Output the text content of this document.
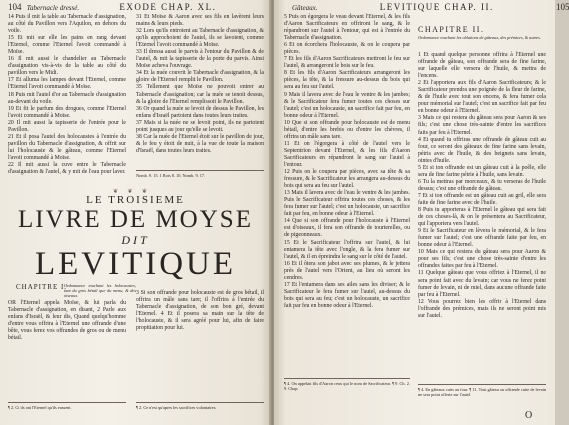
104 Tabernacle dressé.	EXODE CHAP. XL.

14 Puis il mit la table au Tabernacle d'assignation, au côté du Pavillon vers l'Aquilon, en dehors du voile.

15 Et mit sur elle les pains en rang devant l'Eternel, comme l'Eternel l'avoit commandé à Moïse.

16 Il mit aussi le chandelier au Tabernacle d'assignation vis-à-vis de la table au côté du pavillon vers le Midi.

17 Et alluma les lampes devant l'Eternel, comme l'Eternel l'avoit commandé à Moïse.

18 Puis mit l'autel d'or au Tabernacle d'assignation au-devant du voile.

19 Et fit le parfum des drogues, comme l'Eternel l'avoit commandé à Moïse.

20 Il mit aussi la tapisserie de l'entrée pour le Pavillon.

21 Et il posa l'autel des holocaustes à l'entrée du pavillon du Tabernacle d'assignation, & offrit sur lui l'holocauste & le gâteau, comme l'Eternel l'avoit commandé à Moïse.

22 Il mit aussi la cuve entre le Tabernacle d'assignation & l'autel, & y mit de l'eau pour laver.

31 Et Moïse & Aaron avec ses fils en lavèrent leurs mains & leurs pieds.

32 Lors qu'ils entroient au Tabernacle d'assignation, & qu'ils approchoient de l'autel, ils se lavoient, comme l'Eternel l'avoit commandé à Moïse.

33 Il dressa aussi le parvis à l'entour du Pavillon & de l'autel, & mit la tapisserie de la porte du parvis. Ainsi Moïse acheva l'ouvrage.

34 Et la nuée couvrit le Tabernacle d'assignation, & la gloire de l'Eternel remplit le Pavillon.

35 Tellement que Moïse ne pouvoit entrer au Tabernacle d'assignation; car la nuée se tenoit dessus, & la gloire de l'Eternel remplissoit le Pavillon.

36 Or quand la nuée se levoit de dessus le Pavillon, les enfans d'Israël partoient dans toutes leurs traites.

37 Mais si la nuée ne se levoit point, ils ne partoient point jusques au jour qu'elle se levoit.

38 Car la nuée de l'Eternel étoit sur le pavillon de jour, & le feu y étoit de nuit, à la vue de toute la maison d'Israël, dans toutes leurs traites.

Nomb. 9. 15. 1 Rois 8. 10. Nomb. 9. 17.
❦ ❦ ❦
LE TROISIEME
LIVRE DE MOYSE
DIT
LEVITIQUE
CHAPITRE I.
Ordonnance touchant les holocaustes, tant du gros bétail que du menu, & des oiseaux.

OR l'Eternel appela Moïse, & lui parla du Tabernacle d'assignation, en disant, 2 Parle aux enfans d'Israël, & leur dis, Quand quelqu'homme d'entre vous offrira à l'Eternel une offrande d'une bête, vous ferez vos offrandes de gros ou de menu bétail.

3 Si son offrande pour holocauste est de gros bétail, il offrira un mâle sans tare; il l'offrira à l'entrée du Tabernacle d'assignation, de son bon gré, devant l'Eternel. 4 Et il posera sa main sur la tête de l'holocauste, & il sera agréé pour lui, afin de faire propitiation pour lui.

¶ 2. Ci ils ont l'Eternel qu'ils eussent.	¶ 2. Ce n'est qu'apres les sacrifices volontaires.
Gâteaux.	LEVITIQUE CHAP. II.	105

5 Puis on égorgera le veau devant l'Eternel, & les fils d'Aaron Sacrificateurs en offriront le sang, & le répandront sur l'autel à l'entour, qui est à l'entrée du Tabernacle d'assignation.

6 Et on écorchera l'holocauste, & on le coupera par pièces.

7 Et les fils d'Aaron Sacrificateurs mettront le feu sur l'autel, & arrangeront le bois sur le feu.

8 Et les fils d'Aaron Sacrificateurs arrangeront les pièces, la tête, & la fressure au-dessus du bois qui sera au feu sur l'autel.

9 Mais il lavera avec de l'eau le ventre & les jambes; & le Sacrificateur fera fumer toutes ces choses sur l'autel; c'est un holocauste, un sacrifice fait par feu, en bonne odeur à l'Eternel.

10 Que si son offrande pour holocauste est de menu bétail, d'entre les brebis ou d'entre les chèvres, il offrira un mâle sans tare.

11 Et on l'égorgera à côté de l'autel vers le Septentrion devant l'Eternel, & les fils d'Aaron Sacrificateurs en répandront le sang sur l'autel à l'entour.

12 Puis on le coupera par pièces, avec sa tête & sa fressure, & le Sacrificateur les arrangera au-dessus du bois qui sera au feu sur l'autel.

13 Mais il lavera avec de l'eau le ventre & les jambes. Puis le Sacrificateur offrira toutes ces choses, & les fera fumer sur l'autel; c'est un holocauste, un sacrifice fait par feu, en bonne odeur à l'Eternel.

14 Que si son offrande pour l'holocauste à l'Eternel est d'oiseaux, il fera son offrande de tourterelles, ou de pigeonneaux.

15 Et le Sacrificateur l'offrira sur l'autel, & lui entamera la tête avec l'ongle, & la fera fumer sur l'autel, & il en épreindra le sang sur le côté de l'autel.

16 Et il ôtera son jabot avec ses plumes, & le jettera près de l'autel vers l'Orient, au lieu où seront les cendres.

17 Et l'entamera dans ses ailes sans les diviser; & le Sacrificateur le fera fumer sur l'autel, au-dessus du bois qui sera au feu; c'est un holocauste, un sacrifice fait par feu en bonne odeur à l'Eternel.

¶ 4. On appelait fils d'Aaron ceux qui le nom de Sacrificateur. ¶ 9. Ch. 2. 9. Chap.
CHAPITRE II.
Ordonnance touchant les oblations de gâteaux, des prémices, & autres.

1 Et quand quelque personne offrira à l'Eternel une offrande de gâteau, son offrande sera de fine farine, sur laquelle elle versera de l'huile, & mettra de l'encens.

2 Et l'apportera aux fils d'Aaron Sacrificateurs; & le Sacrificateur prendra une poignée de la fleur de farine, & de l'huile avec tout son encens, & fera fumer cela pour mémorial sur l'autel; c'est un sacrifice fait par feu en bonne odeur à l'Eternel.

3 Mais ce qui restera du gâteau sera pour Aaron & ses fils; c'est une chose très-sainte d'entre les sacrifices faits par feu à l'Eternel.

4 Et quand tu offriras une offrande de gâteau cuit au four, ce seront des gâteaux de fine farine sans levain, pétris avec de l'huile, & des beignets sans levain, ointes d'huile.

5 Et si ton offrande est un gâteau cuit à la poêle, elle sera de fine farine pétrie à l'huile, sans levain.

6 Tu la mettras par morceaux, & tu verseras de l'huile dessus; c'est une offrande de gâteau.

7 Et si ton offrande est un gâteau cuit au gril, elle sera faite de fine farine avec de l'huile.

8 Puis tu apporteras à l'Eternel le gâteau qui sera fait de ces choses-là, & on le présentera au Sacrificateur, qui l'apportera vers l'autel.

9 Et le Sacrificateur en lèvera le mémorial, & le fera fumer sur l'autel; c'est une offrande faite par feu, en bonne odeur à l'Eternel.

10 Mais ce qui restera du gâteau sera pour Aaron & pour ses fils; c'est une chose très-sainte d'entre les offrandes faites par feu à l'Eternel.

11 Quelque gâteau que vous offriez à l'Eternel, il ne sera point fait avec du levain; car vous ne ferez point fumer de levain, ni de miel, dans aucune offrande faite par feu à l'Eternel.

12 Vous pourrez bien les offrir à l'Eternel dans l'offrande des prémices, mais ils ne seront point mis sur l'autel.

¶ 4. En gâteaux cuits au four. ¶ 11. Tout gâteau ou offrande cuite de levain ne sera point offerte sur l'autel.
O
